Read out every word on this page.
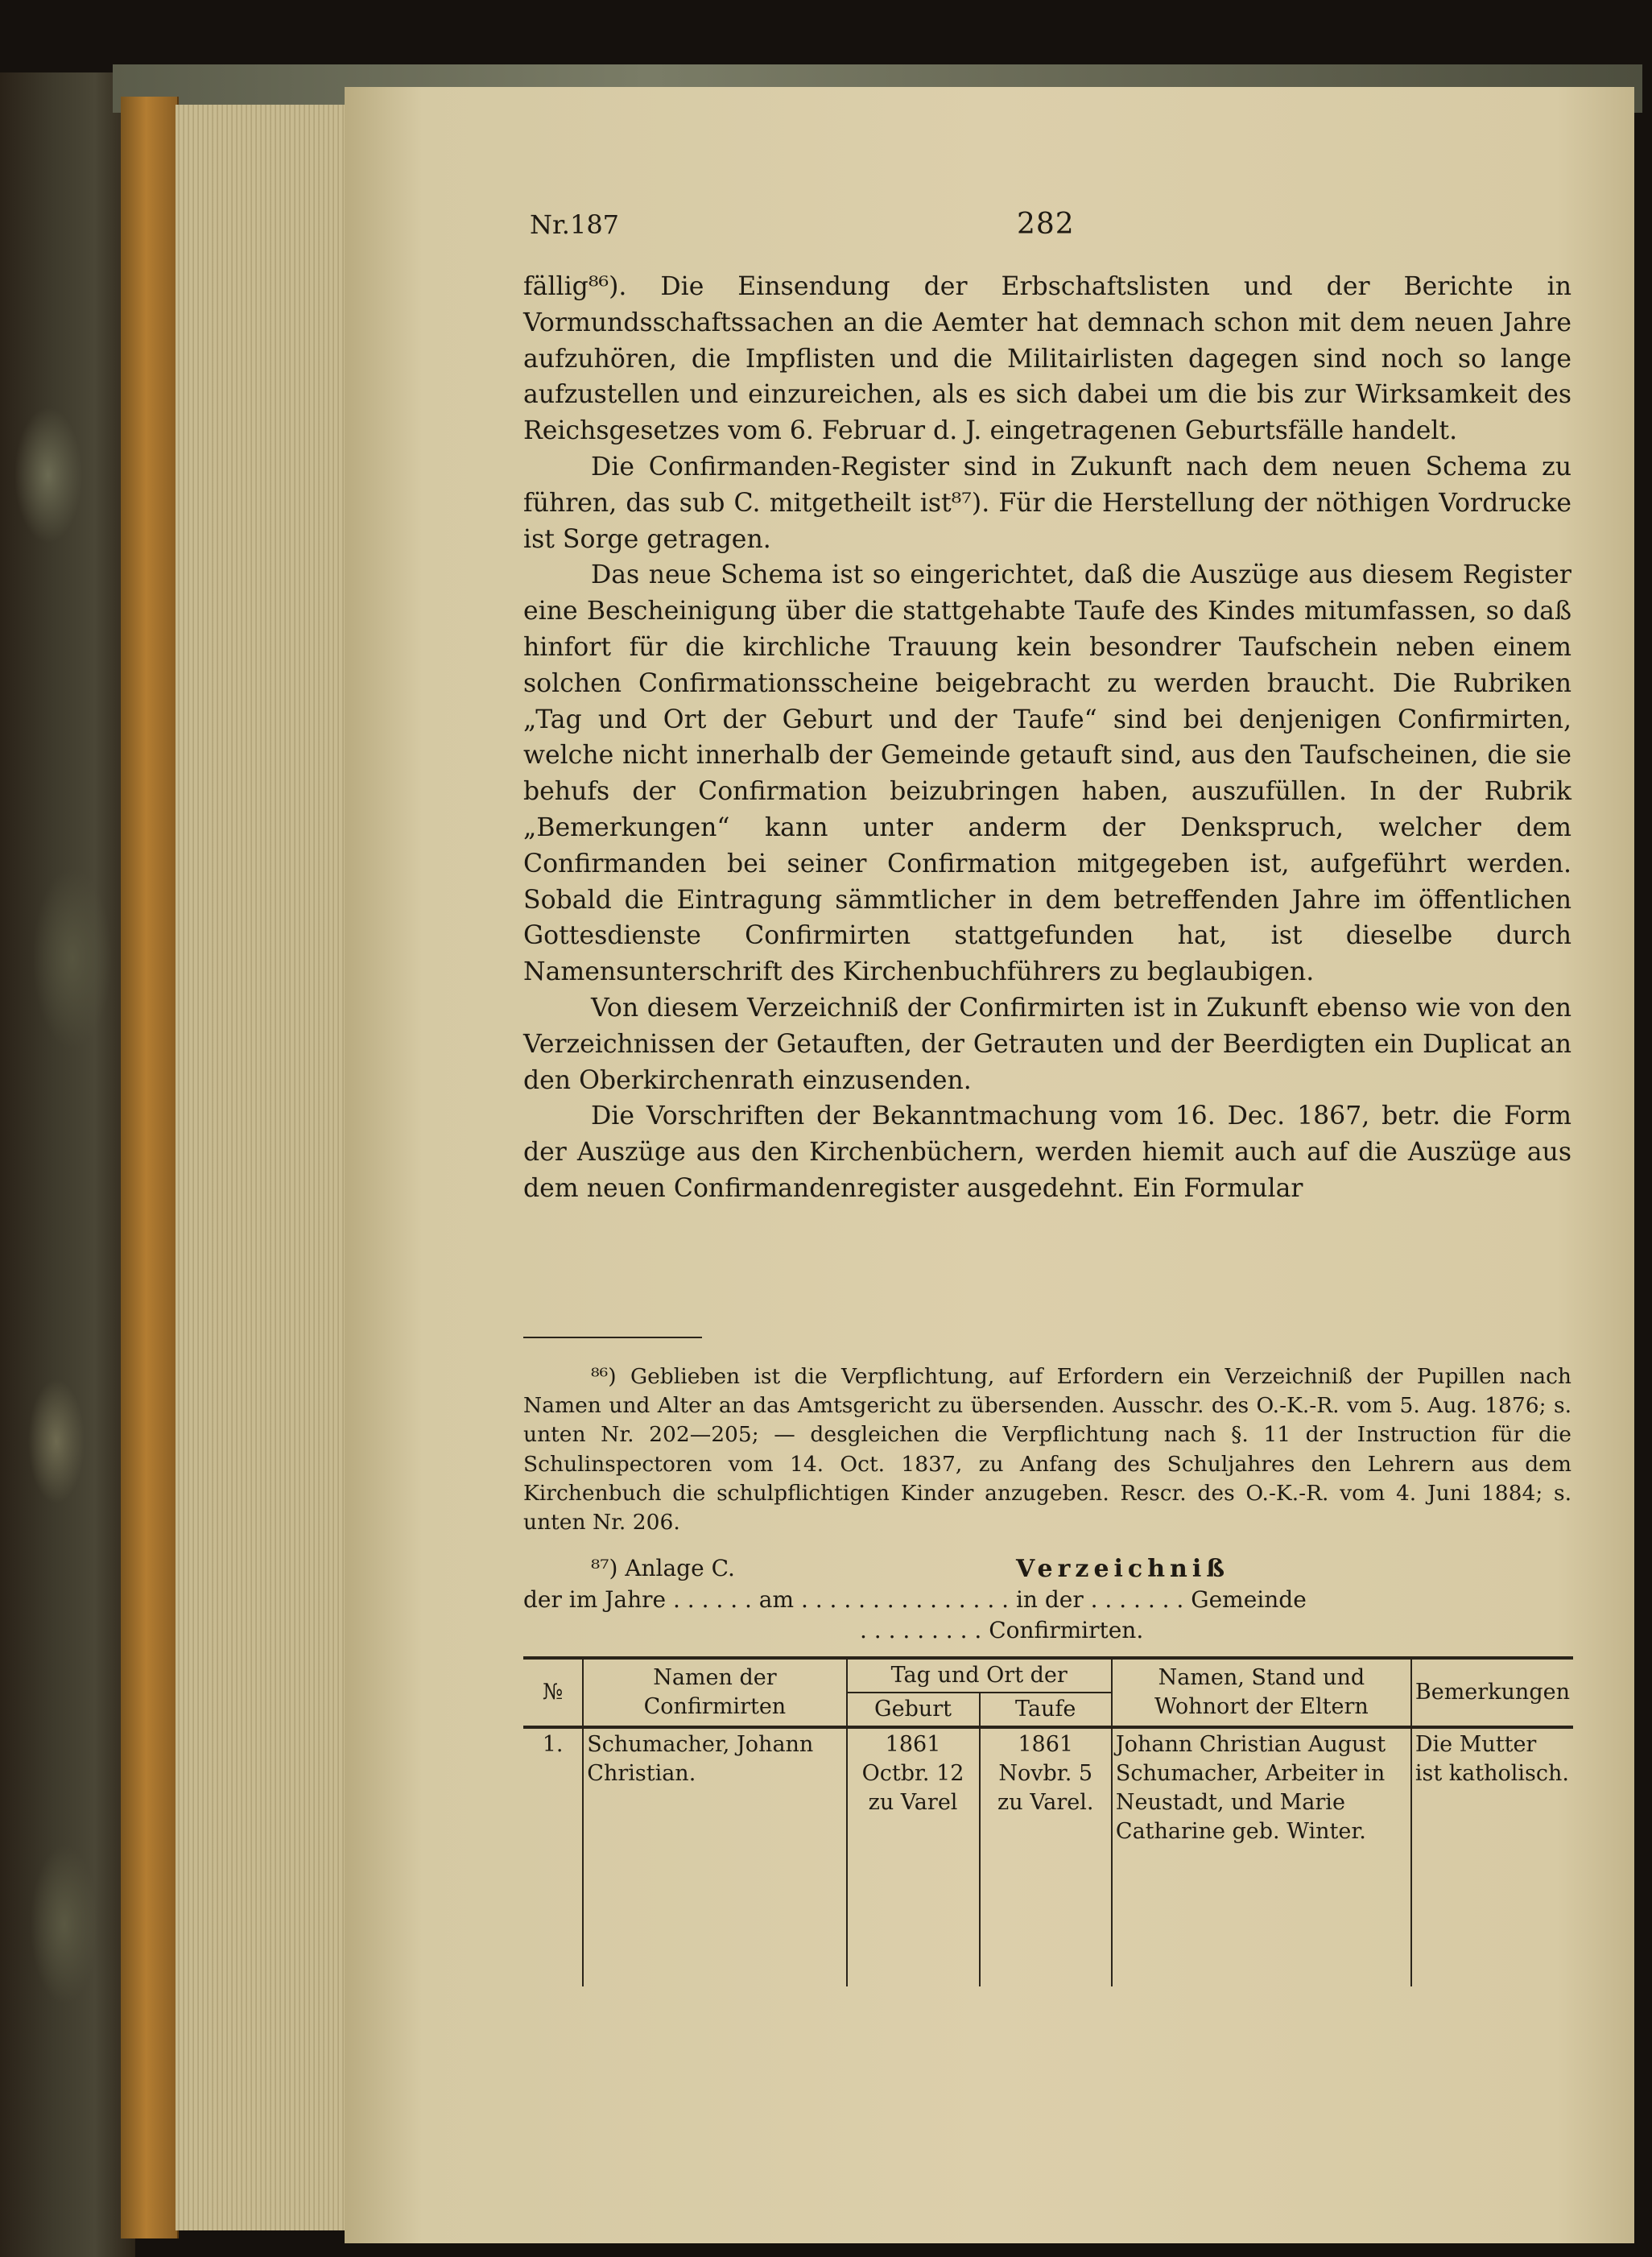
Nr.187	282

fällig⁸⁶). Die Einsendung der Erbschaftslisten und der Berichte in Vormundsschaftssachen an die Aemter hat demnach schon mit dem neuen Jahre aufzuhören, die Impflisten und die Militairlisten dagegen sind noch so lange aufzustellen und einzureichen, als es sich dabei um die bis zur Wirksamkeit des Reichsgesetzes vom 6. Februar d. J. eingetragenen Geburtsfälle handelt.

Die Confirmanden-Register sind in Zukunft nach dem neuen Schema zu führen, das sub C. mitgetheilt ist⁸⁷). Für die Herstellung der nöthigen Vordrucke ist Sorge getragen.

Das neue Schema ist so eingerichtet, daß die Auszüge aus diesem Register eine Bescheinigung über die stattgehabte Taufe des Kindes mitumfassen, so daß hinfort für die kirchliche Trauung kein besondrer Taufschein neben einem solchen Confirmationsscheine beigebracht zu werden braucht. Die Rubriken „Tag und Ort der Geburt und der Taufe“ sind bei denjenigen Confirmirten, welche nicht innerhalb der Gemeinde getauft sind, aus den Taufscheinen, die sie behufs der Confirmation beizubringen haben, auszufüllen. In der Rubrik „Bemerkungen“ kann unter anderm der Denkspruch, welcher dem Confirmanden bei seiner Confirmation mitgegeben ist, aufgeführt werden. Sobald die Eintragung sämmtlicher in dem betreffenden Jahre im öffentlichen Gottesdienste Confirmirten stattgefunden hat, ist dieselbe durch Namensunterschrift des Kirchenbuchführers zu beglaubigen.

Von diesem Verzeichniß der Confirmirten ist in Zukunft ebenso wie von den Verzeichnissen der Getauften, der Getrauten und der Beerdigten ein Duplicat an den Oberkirchenrath einzusenden.

Die Vorschriften der Bekanntmachung vom 16. Dec. 1867, betr. die Form der Auszüge aus den Kirchenbüchern, werden hiemit auch auf die Auszüge aus dem neuen Confirmandenregister ausgedehnt. Ein Formular

⁸⁶) Geblieben ist die Verpflichtung, auf Erfordern ein Verzeichniß der Pupillen nach Namen und Alter an das Amtsgericht zu übersenden. Ausschr. des O.-K.-R. vom 5. Aug. 1876; s. unten Nr. 202—205; — desgleichen die Verpflichtung nach §. 11 der Instruction für die Schulinspectoren vom 14. Oct. 1837, zu Anfang des Schuljahres den Lehrern aus dem Kirchenbuch die schulpflichtigen Kinder anzugeben. Rescr. des O.-K.-R. vom 4. Juni 1884; s. unten Nr. 206.

⁸⁷) Anlage C.	Verzeichniß
der im Jahre . . . . . . am . . . . . . . . . . . . . . . in der . . . . . . . Gemeinde
. . . . . . . . . Confirmirten.
№	Namen der Confirmirten	Tag und Ort der		Namen, Stand und Wohnort der Eltern	Bemerkungen
		Geburt	Taufe		
1.	Schumacher, Johann Christian.	1861 Octbr. 12 zu Varel	1861 Novbr. 5 zu Varel.	Johann Christian August Schumacher, Arbeiter in Neustadt, und Marie Catharine geb. Winter.	Die Mutter ist katholisch.
